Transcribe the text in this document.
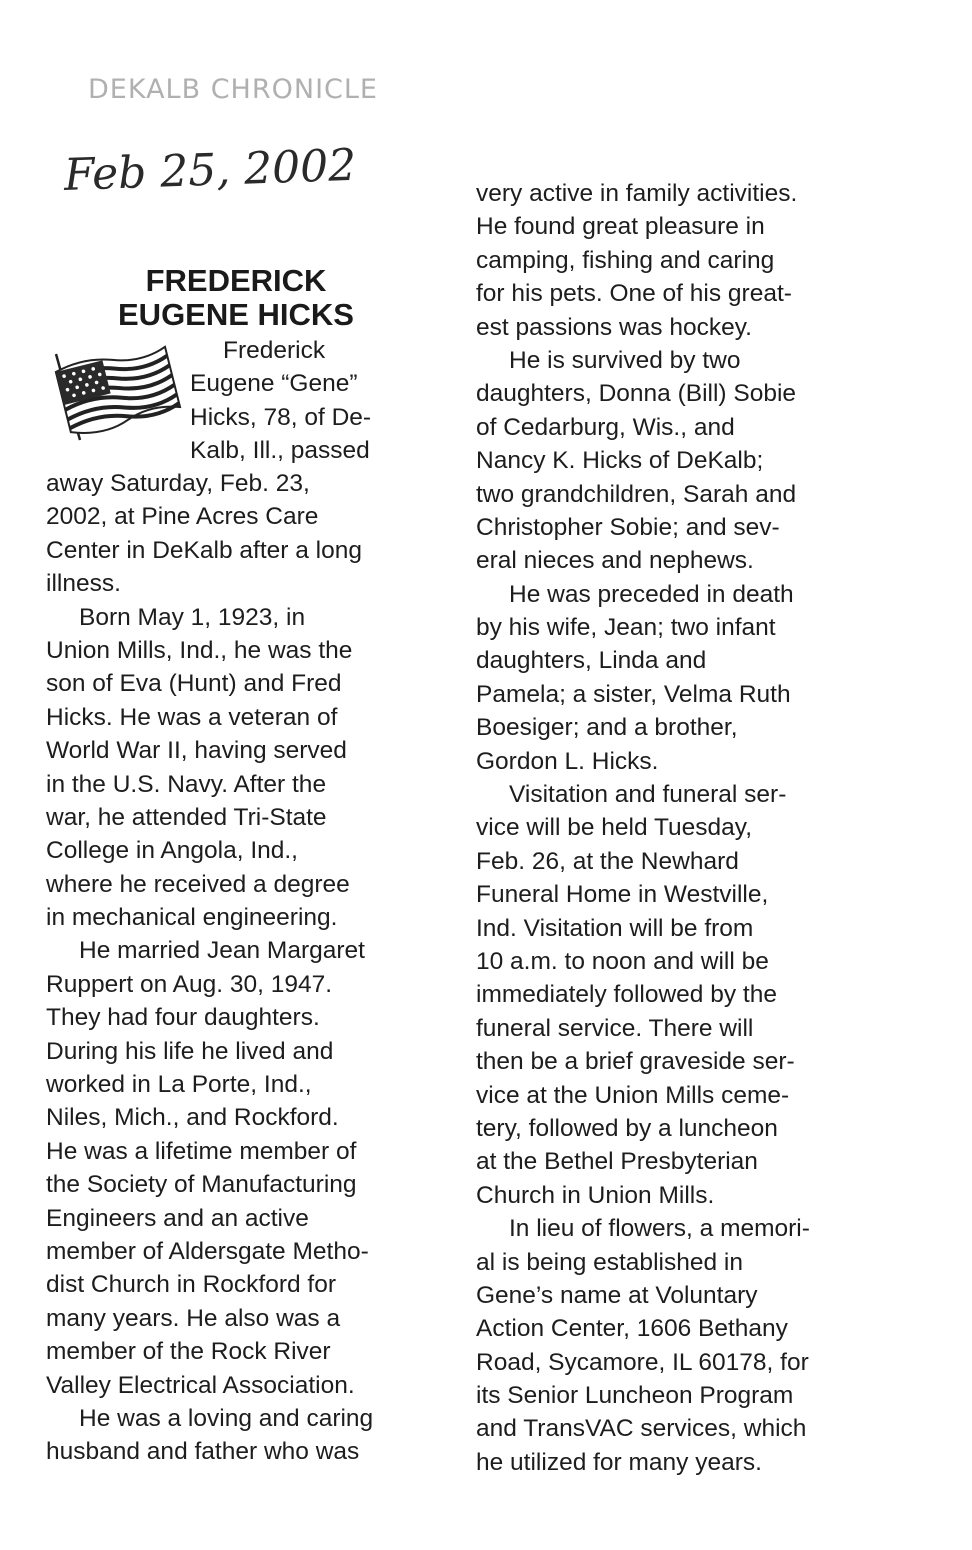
DEKALB CHRONICLE
Feb 25, 2002
FREDERICK
EUGENE HICKS
Frederick
Eugene “Gene”
Hicks, 78, of De-
Kalb, Ill., passed
away Saturday, Feb. 23,
2002, at Pine Acres Care
Center in DeKalb after a long
illness.
Born May 1, 1923, in
Union Mills, Ind., he was the
son of Eva (Hunt) and Fred
Hicks. He was a veteran of
World War II, having served
in the U.S. Navy. After the
war, he attended Tri-State
College in Angola, Ind.,
where he received a degree
in mechanical engineering.
He married Jean Margaret
Ruppert on Aug. 30, 1947.
They had four daughters.
During his life he lived and
worked in La Porte, Ind.,
Niles, Mich., and Rockford.
He was a lifetime member of
the Society of Manufacturing
Engineers and an active
member of Aldersgate Metho-
dist Church in Rockford for
many years. He also was a
member of the Rock River
Valley Electrical Association.
He was a loving and caring
husband and father who was
very active in family activities.
He found great pleasure in
camping, fishing and caring
for his pets. One of his great-
est passions was hockey.
He is survived by two
daughters, Donna (Bill) Sobie
of Cedarburg, Wis., and
Nancy K. Hicks of DeKalb;
two grandchildren, Sarah and
Christopher Sobie; and sev-
eral nieces and nephews.
He was preceded in death
by his wife, Jean; two infant
daughters, Linda and
Pamela; a sister, Velma Ruth
Boesiger; and a brother,
Gordon L. Hicks.
Visitation and funeral ser-
vice will be held Tuesday,
Feb. 26, at the Newhard
Funeral Home in Westville,
Ind. Visitation will be from
10 a.m. to noon and will be
immediately followed by the
funeral service. There will
then be a brief graveside ser-
vice at the Union Mills ceme-
tery, followed by a luncheon
at the Bethel Presbyterian
Church in Union Mills.
In lieu of flowers, a memori-
al is being established in
Gene’s name at Voluntary
Action Center, 1606 Bethany
Road, Sycamore, IL 60178, for
its Senior Luncheon Program
and TransVAC services, which
he utilized for many years.
